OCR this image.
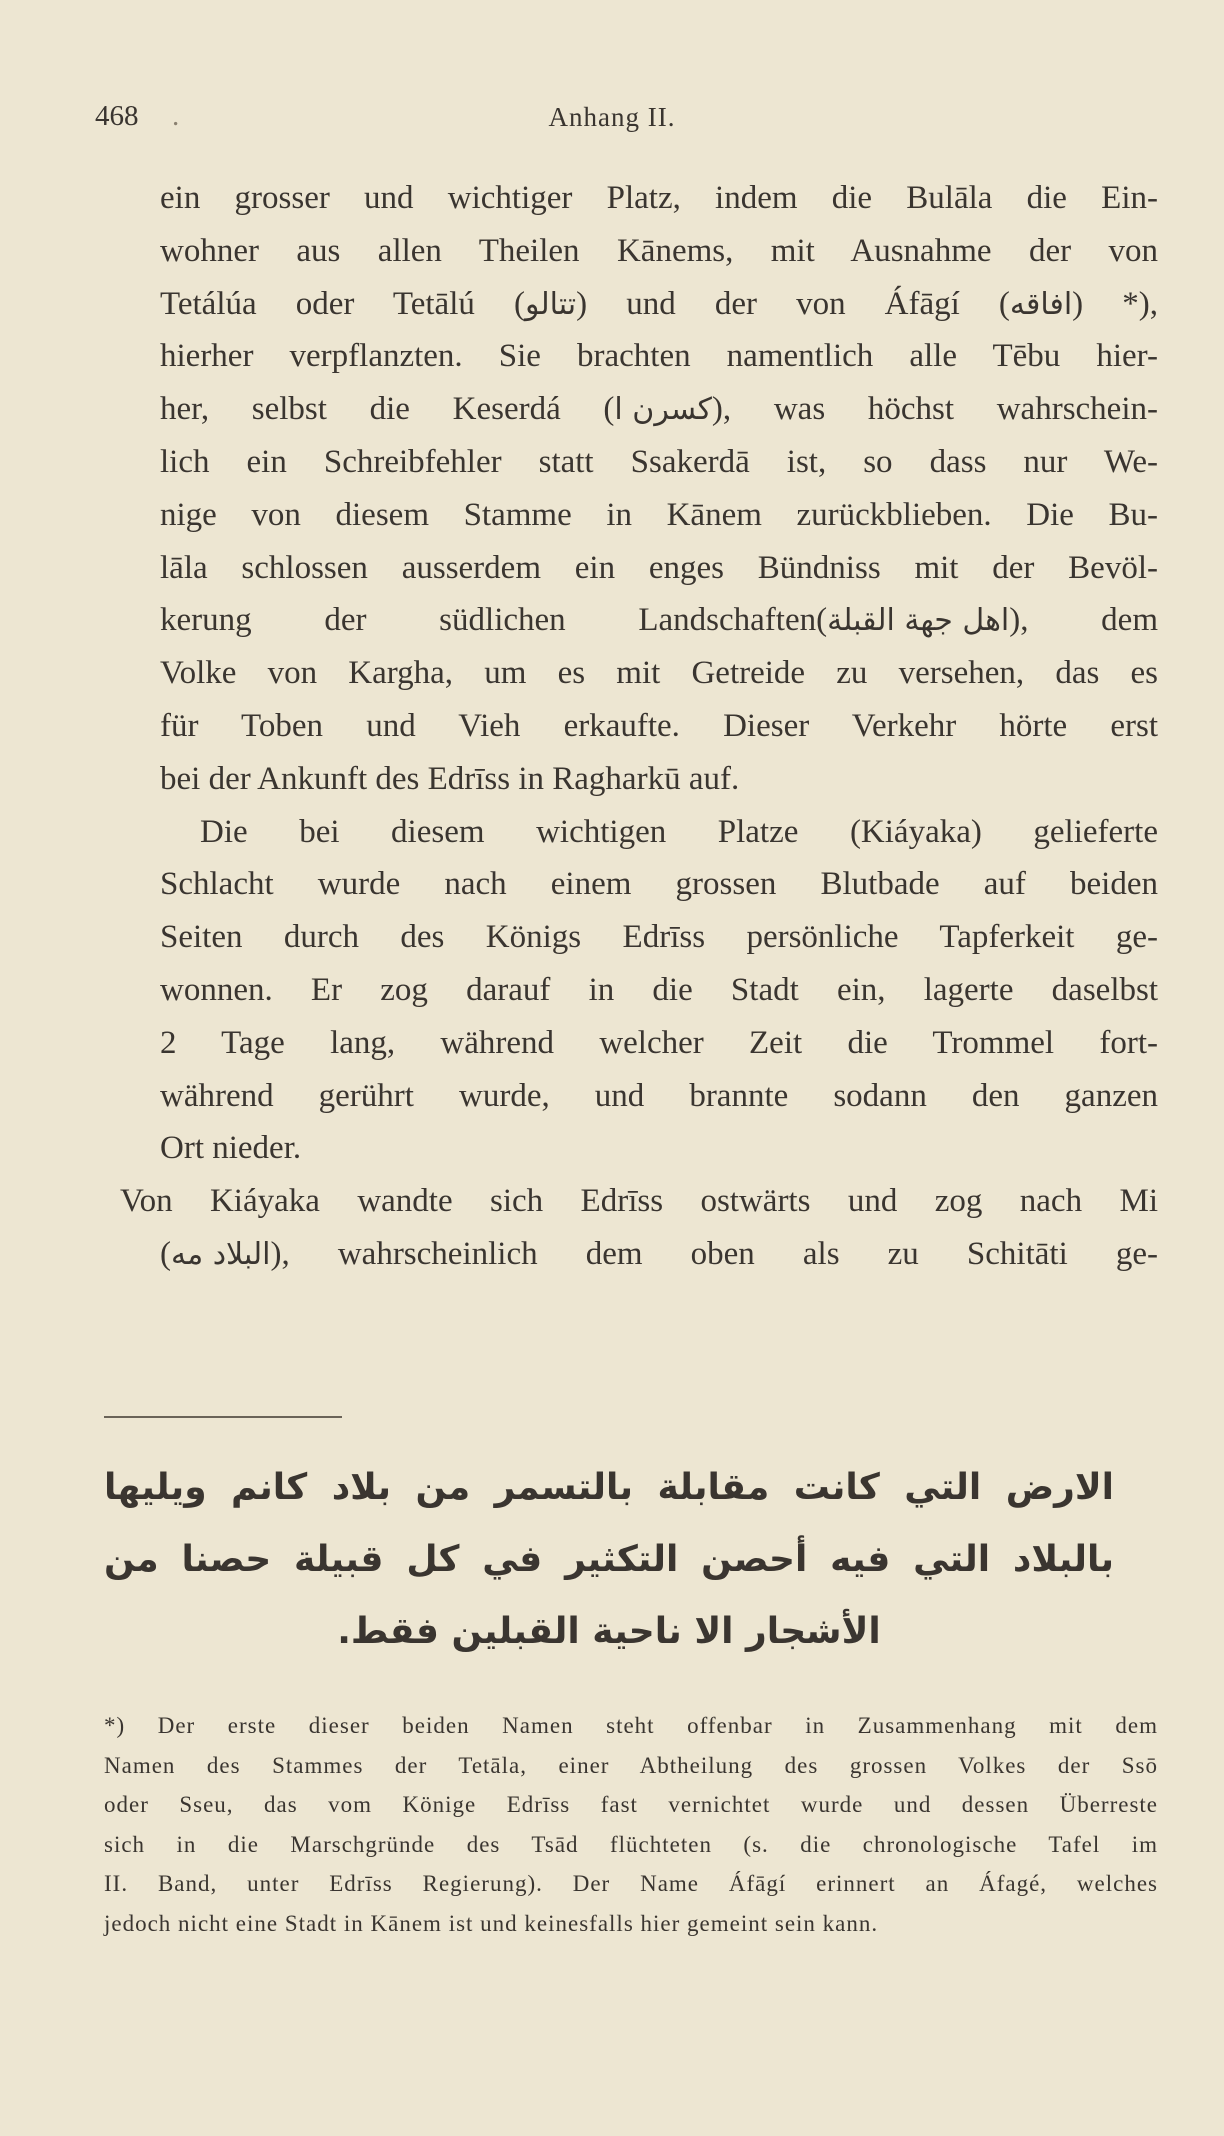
468 .	Anhang II.
ein grosser und wichtiger Platz, indem die Bulāla die Ein-
wohner aus allen Theilen Kānems, mit Ausnahme der von
Tetálúa oder Tetālú (تتالو) und der von Áfāgí (افاقه) *),
hierher verpflanzten. Sie brachten namentlich alle Tēbu hier-
her, selbst die Keserdá (كسرن ا), was höchst wahrschein-
lich ein Schreibfehler statt Ssakerdā ist, so dass nur We-
nige von diesem Stamme in Kānem zurückblieben. Die Bu-
lāla schlossen ausserdem ein enges Bündniss mit der Bevöl-
kerung der südlichen Landschaften(اهل جهة القبلة), dem
Volke von Kargha, um es mit Getreide zu versehen, das es
für Toben und Vieh erkaufte. Dieser Verkehr hörte erst
bei der Ankunft des Edrīss in Ragharkū auf.
Die bei diesem wichtigen Platze (Kiáyaka) gelieferte
Schlacht wurde nach einem grossen Blutbade auf beiden
Seiten durch des Königs Edrīss persönliche Tapferkeit ge-
wonnen. Er zog darauf in die Stadt ein, lagerte daselbst
2 Tage lang, während welcher Zeit die Trommel fort-
während gerührt wurde, und brannte sodann den ganzen
Ort nieder.
Von Kiáyaka wandte sich Edrīss ostwärts und zog nach Mi
(البلاد مه), wahrscheinlich dem oben als zu Schitāti ge-
الارض التي كانت مقابلة بالتسمر من بلاد كانم ويليها
بالبلاد التي فيه أحصن التكثير في كل قبيلة حصنا من
الأشجار الا ناحية القبلين فقط.
*) Der erste dieser beiden Namen steht offenbar in Zusammenhang mit dem
Namen des Stammes der Tetāla, einer Abtheilung des grossen Volkes der Ssō
oder Sseu, das vom Könige Edrīss fast vernichtet wurde und dessen Überreste
sich in die Marschgründe des Tsād flüchteten (s. die chronologische Tafel im
II. Band, unter Edrīss Regierung). Der Name Áfāgí erinnert an Áfagé, welches
jedoch nicht eine Stadt in Kānem ist und keinesfalls hier gemeint sein kann.
